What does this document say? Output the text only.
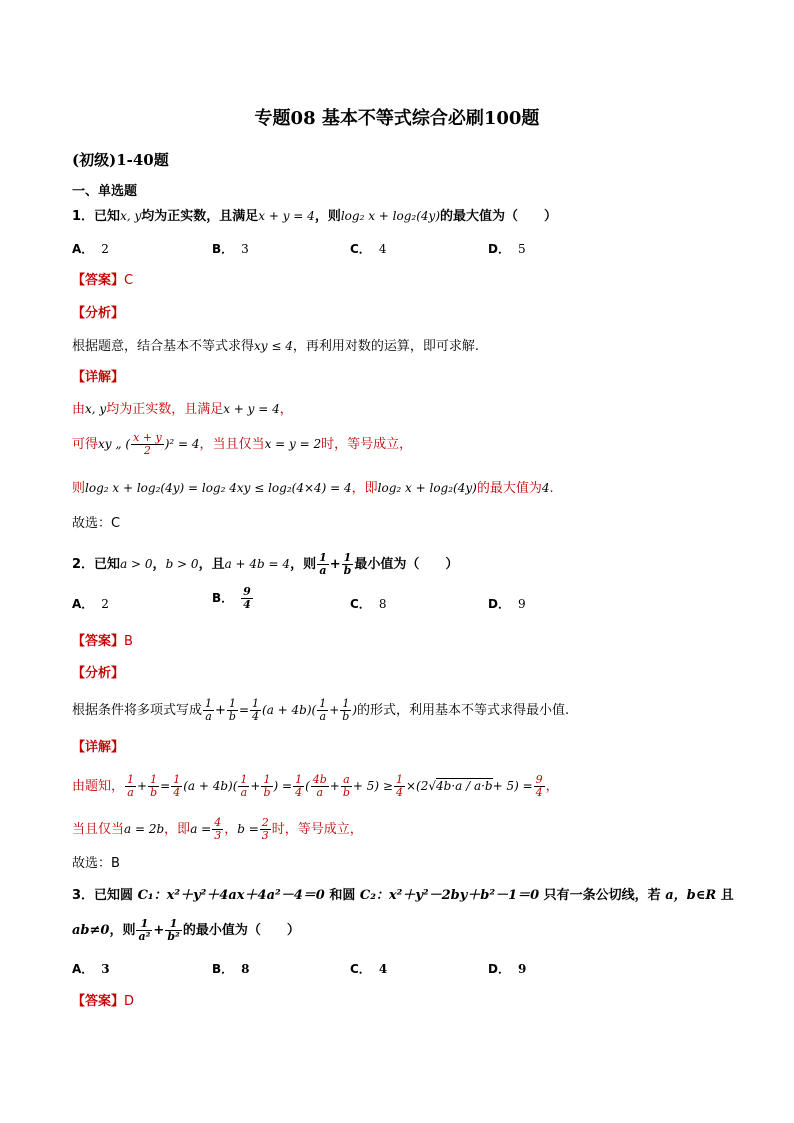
专题08 基本不等式综合必刷100题
(初级)1-40题
一、单选题
1．已知x, y均为正实数，且满足x + y = 4，则log₂ x + log₂(4y)的最大值为（　　）
A． 2	B． 3	C． 4	D． 5
【答案】C
【分析】
根据题意，结合基本不等式求得xy ≤ 4，再利用对数的运算，即可求解.
【详解】
由x, y均为正实数，且满足x + y = 4，
可得xy „ ( $\frac{x + y}{2} )^2 = 4$，当且仅当x = y = 2时，等号成立，
则log₂ x + log₂(4y) = log₂ 4xy ≤ log₂(4×4) = 4，即log₂ x + log₂(4y)的最大值为4.
故选：C
2．已知a > 0，b > 0，且a + 4b = 4，则 $\frac{1}{a} + \frac{1}{b}$ 最小值为（　　）
A． 2	B． $\frac{9}{4}$	C． 8	D． 9
【答案】B
【分析】
根据条件将多项式写成 $\frac{1}{a} + \frac{1}{b} = \frac{1}{4} (a + 4b)( \frac{1}{a} + \frac{1}{b}$ )的形式，利用基本不等式求得最小值.
【详解】
由题知， $\frac{1}{a} + \frac{1}{b} = \frac{1}{4} (a + 4b)( \frac{1}{a} + \frac{1}{b}$ ) = $\frac{1}{4}$ ( $\frac{4b}{a} + \frac{a}{b} + 5) \ge \frac{1}{4} \times(2√4b\cdot a / a\cdot b+ 5) = \frac{9}{4}$ ，
当且仅当a = 2b，即$a = \frac{4}{3}$ ，$b = \frac{2}{3}$ 时，等号成立，
故选：B
3．已知圆 C₁：x²＋y²＋4ax＋4a²－4＝0 和圆 C₂：x²＋y²－2by＋b²－1＝0 只有一条公切线，若 a，b∈R 且
ab≠0，则 $\frac{1}{\text{a²}} + \frac{1}{\text{b²}}$ 的最小值为（　　）
A． 3	B． 8	C． 4	D． 9
【答案】D
